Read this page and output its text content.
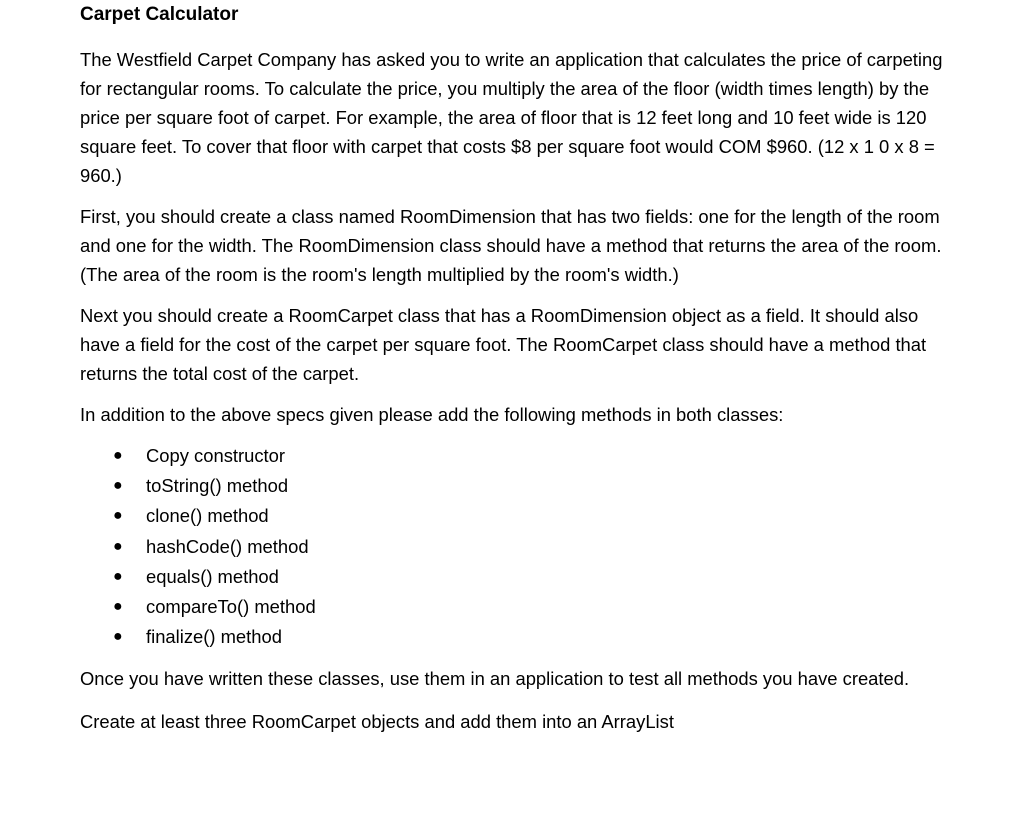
Carpet Calculator

The Westfield Carpet Company has asked you to write an application that calculates the price of carpeting for rectangular rooms. To calculate the price, you multiply the area of the floor (width times length) by the price per square foot of carpet. For example, the area of floor that is 12 feet long and 10 feet wide is 120 square feet. To cover that floor with carpet that costs $8 per square foot would COM $960. (12 x 1 0 x 8 = 960.)

First, you should create a class named RoomDimension that has two fields: one for the length of the room and one for the width. The RoomDimension class should have a method that returns the area of the room. (The area of the room is the room's length multiplied by the room's width.)

Next you should create a RoomCarpet class that has a RoomDimension object as a field. It should also have a field for the cost of the carpet per square foot. The RoomCarpet class should have a method that returns the total cost of the carpet.

In addition to the above specs given please add the following methods in both classes:

● Copy constructor
● toString() method
● clone() method
● hashCode() method
● equals() method
● compareTo() method
● finalize() method

Once you have written these classes, use them in an application to test all methods you have created.

Create at least three RoomCarpet objects and add them into an ArrayList
